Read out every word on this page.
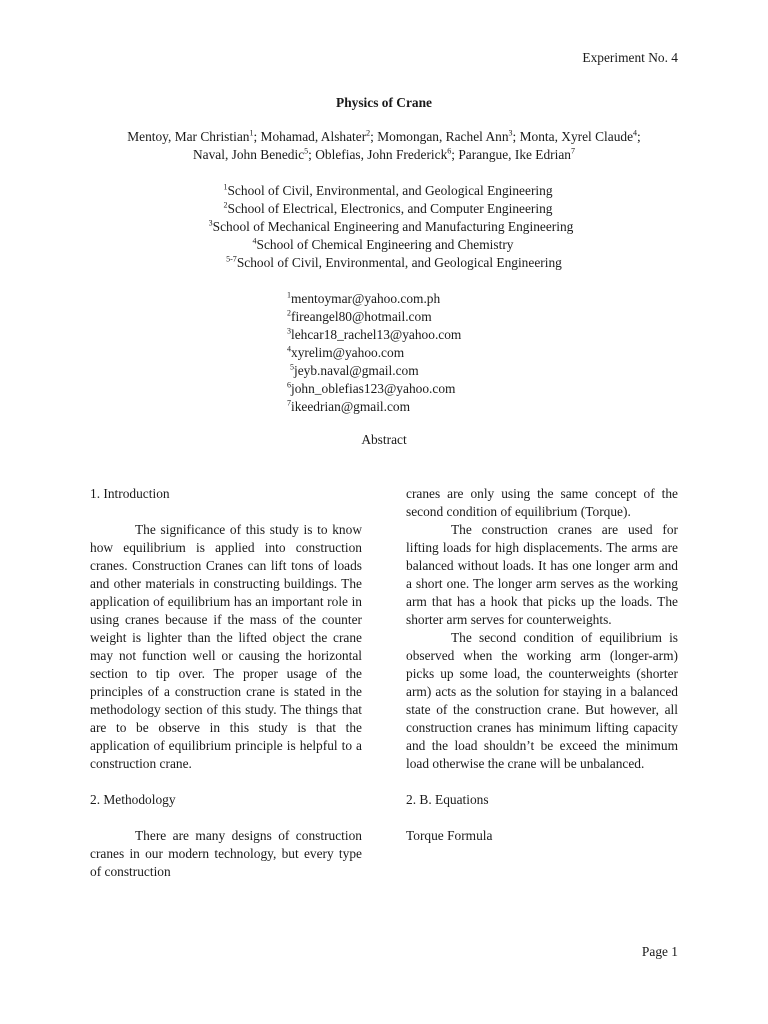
Experiment No. 4
Physics of Crane
Mentoy, Mar Christian$^1$; Mohamad, Alshater$^2$; Momongan, Rachel Ann$^3$; Monta, Xyrel Claude$^4$; Naval, John Benedic$^5$; Oblefias, John Frederick$^6$; Parangue, Ike Edrian$^7$
$^1$School of Civil, Environmental, and Geological Engineering
$^2$School of Electrical, Electronics, and Computer Engineering
$^3$School of Mechanical Engineering and Manufacturing Engineering
$^4$School of Chemical Engineering and Chemistry
$^{5-7}$School of Civil, Environmental, and Geological Engineering
$^1$mentoymar@yahoo.com.ph
$^2$fireangel80@hotmail.com
$^3$lehcar18_rachel13@yahoo.com
$^4$xyrelim@yahoo.com
$^5$jeyb.naval@gmail.com
$^6$john_oblefias123@yahoo.com
$^7$ikeedrian@gmail.com
Abstract
1. Introduction

The significance of this study is to know how equilibrium is applied into construction cranes. Construction Cranes can lift tons of loads and other materials in constructing buildings. The application of equilibrium has an important role in using cranes because if the mass of the counter weight is lighter than the lifted object the crane may not function well or causing the horizontal section to tip over. The proper usage of the principles of a construction crane is stated in the methodology section of this study. The things that are to be observe in this study is that the application of equilibrium principle is helpful to a construction crane.

2. Methodology

There are many designs of construction cranes in our modern technology, but every type of construction

cranes are only using the same concept of the second condition of equilibrium (Torque).

The construction cranes are used for lifting loads for high displacements. The arms are balanced without loads. It has one longer arm and a short one. The longer arm serves as the working arm that has a hook that picks up the loads. The shorter arm serves for counterweights.

The second condition of equilibrium is observed when the working arm (longer-arm) picks up some load, the counterweights (shorter arm) acts as the solution for staying in a balanced state of the construction crane. But however, all construction cranes has minimum lifting capacity and the load shouldn’t be exceed the minimum load otherwise the crane will be unbalanced.

2. B. Equations
Torque Formula
Page 1
